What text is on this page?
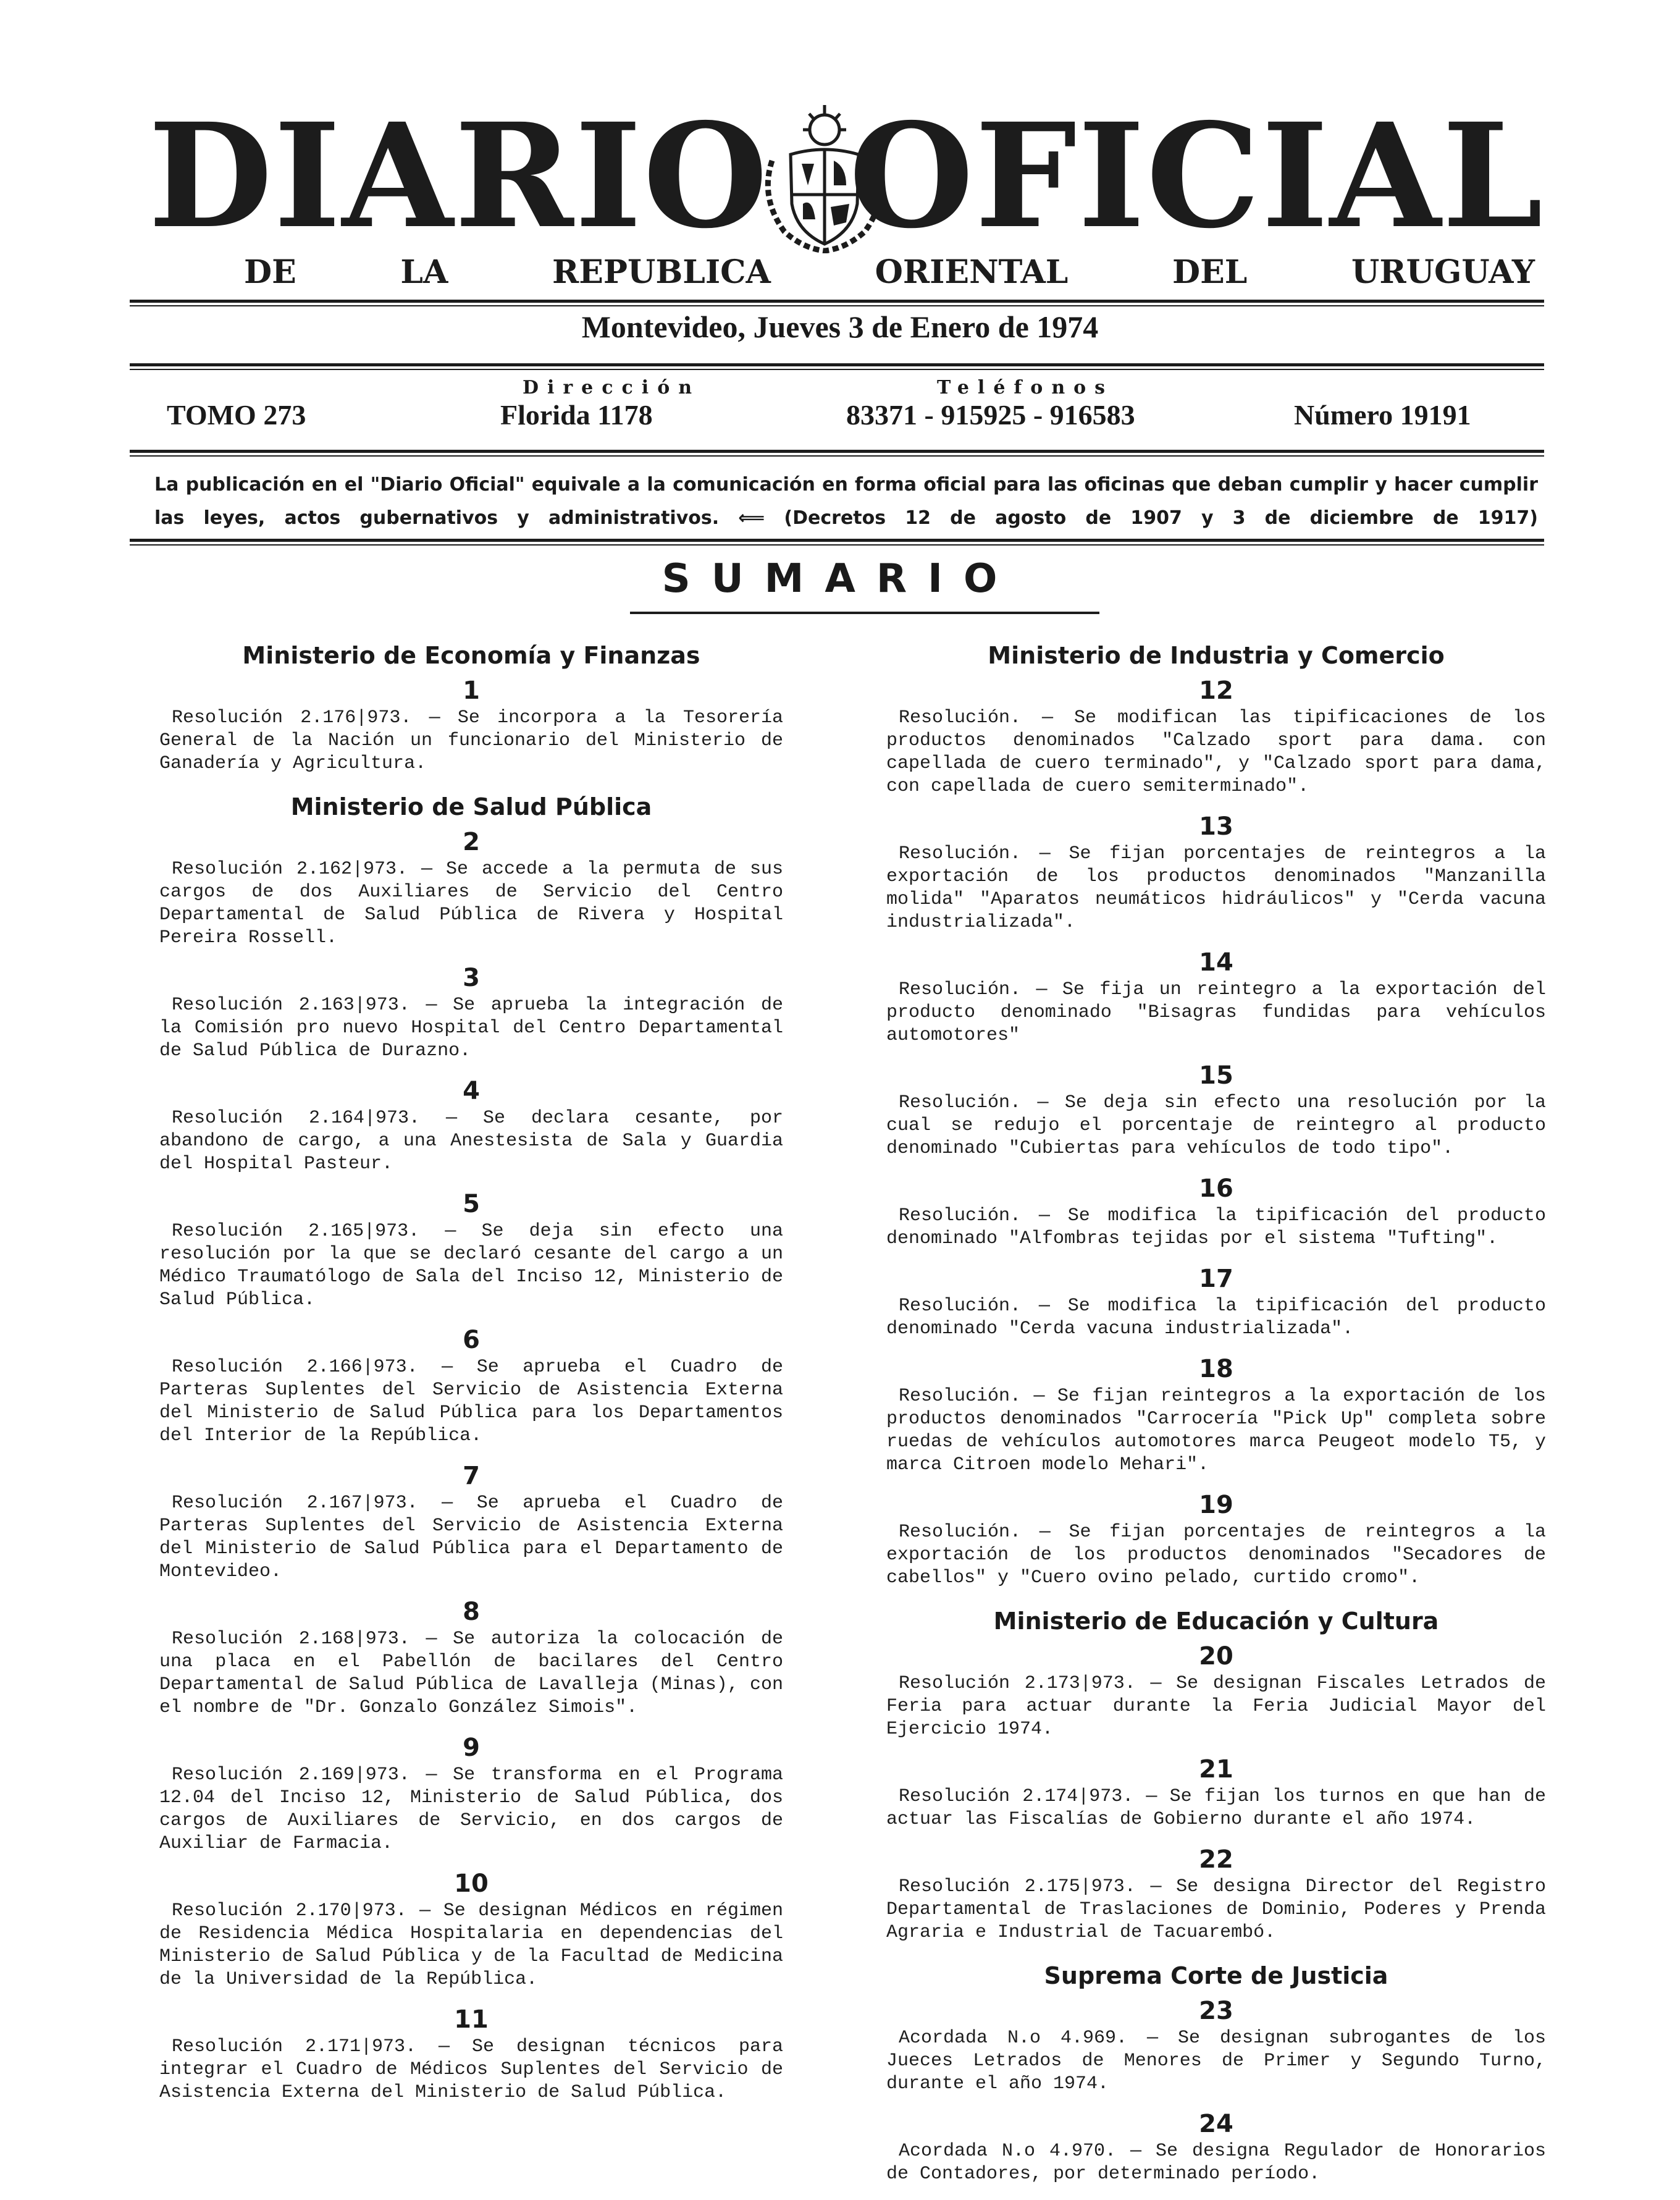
DIARIO OFICIAL
DE	LA	REPUBLICA	ORIENTAL	DEL	URUGUAY
Montevideo, Jueves 3 de Enero de 1974
TOMO 273
Dirección
Florida 1178
Teléfonos
83371 - 915925 - 916583	Número 19191
La publicación en el "Diario Oficial" equivale a la comunicación en forma oficial para las oficinas que deban cumplir y hacer cumplir las leyes, actos gubernativos y administrativos. ⟸ (Decretos 12 de agosto de 1907 y 3 de diciembre de 1917)
SUMARIO
Ministerio de Economía y Finanzas
1

Resolución 2.176|973. — Se incorpora a la Tesorería General de la Nación un funcionario del Ministerio de Ganadería y Agricultura.

Ministerio de Salud Pública
2

Resolución 2.162|973. — Se accede a la permuta de sus cargos de dos Auxiliares de Servicio del Centro Departamental de Salud Pública de Rivera y Hospital Pereira Rossell.

3

Resolución 2.163|973. — Se aprueba la integración de la Comisión pro nuevo Hospital del Centro Departamental de Salud Pública de Durazno.

4

Resolución 2.164|973. — Se declara cesante, por abandono de cargo, a una Anestesista de Sala y Guardia del Hospital Pasteur.

5

Resolución 2.165|973. — Se deja sin efecto una resolución por la que se declaró cesante del cargo a un Médico Traumatólogo de Sala del Inciso 12, Ministerio de Salud Pública.

6

Resolución 2.166|973. — Se aprueba el Cuadro de Parteras Suplentes del Servicio de Asistencia Externa del Ministerio de Salud Pública para los Departamentos del Interior de la República.

7

Resolución 2.167|973. — Se aprueba el Cuadro de Parteras Suplentes del Servicio de Asistencia Externa del Ministerio de Salud Pública para el Departamento de Montevideo.

8

Resolución 2.168|973. — Se autoriza la colocación de una placa en el Pabellón de bacilares del Centro Departamental de Salud Pública de Lavalleja (Minas), con el nombre de "Dr. Gonzalo González Simois".

9

Resolución 2.169|973. — Se transforma en el Programa 12.04 del Inciso 12, Ministerio de Salud Pública, dos cargos de Auxiliares de Servicio, en dos cargos de Auxiliar de Farmacia.

10

Resolución 2.170|973. — Se designan Médicos en régimen de Residencia Médica Hospitalaria en dependencias del Ministerio de Salud Pública y de la Facultad de Medicina de la Universidad de la República.

11

Resolución 2.171|973. — Se designan técnicos para integrar el Cuadro de Médicos Suplentes del Servicio de Asistencia Externa del Ministerio de Salud Pública.

Ministerio de Industria y Comercio
12

Resolución. — Se modifican las tipificaciones de los productos denominados "Calzado sport para dama. con capellada de cuero terminado", y "Calzado sport para dama, con capellada de cuero semiterminado".

13

Resolución. — Se fijan porcentajes de reintegros a la exportación de los productos denominados "Manzanilla molida" "Aparatos neumáticos hidráulicos" y "Cerda vacuna industrializada".

14

Resolución. — Se fija un reintegro a la exportación del producto denominado "Bisagras fundidas para vehículos automotores"

15

Resolución. — Se deja sin efecto una resolución por la cual se redujo el porcentaje de reintegro al producto denominado "Cubiertas para vehículos de todo tipo".

16

Resolución. — Se modifica la tipificación del producto denominado "Alfombras tejidas por el sistema "Tufting".

17

Resolución. — Se modifica la tipificación del producto denominado "Cerda vacuna industrializada".

18

Resolución. — Se fijan reintegros a la exportación de los productos denominados "Carrocería "Pick Up" completa sobre ruedas de vehículos automotores marca Peugeot modelo T5, y marca Citroen modelo Mehari".

19

Resolución. — Se fijan porcentajes de reintegros a la exportación de los productos denominados "Secadores de cabellos" y "Cuero ovino pelado, curtido cromo".

Ministerio de Educación y Cultura
20

Resolución 2.173|973. — Se designan Fiscales Letrados de Feria para actuar durante la Feria Judicial Mayor del Ejercicio 1974.

21

Resolución 2.174|973. — Se fijan los turnos en que han de actuar las Fiscalías de Gobierno durante el año 1974.

22

Resolución 2.175|973. — Se designa Director del Registro Departamental de Traslaciones de Dominio, Poderes y Prenda Agraria e Industrial de Tacuarembó.

Suprema Corte de Justicia
23

Acordada N.o 4.969. — Se designan subrogantes de los Jueces Letrados de Menores de Primer y Segundo Turno, durante el año 1974.

24

Acordada N.o 4.970. — Se designa Regulador de Honorarios de Contadores, por determinado período.
